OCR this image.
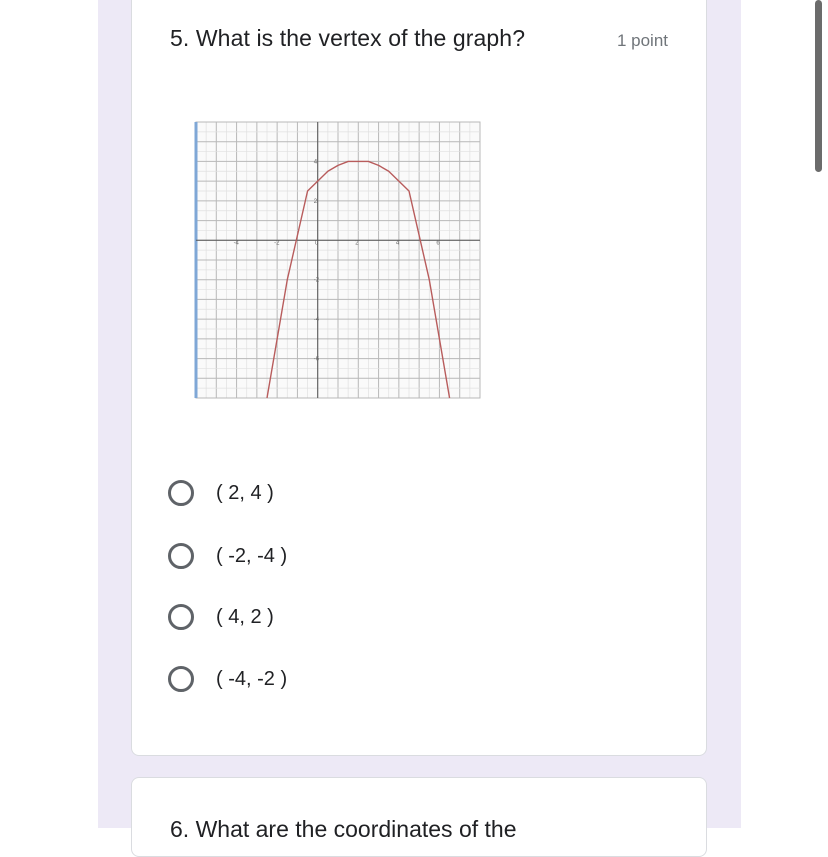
5. What is the vertex of the graph?	1 point
-4	-2	0	2	4	6
-6
-4
-2
2
4
( 2, 4 )
( -2, -4 )
( 4, 2 )
( -4, -2 )
6. What are the coordinates of the
